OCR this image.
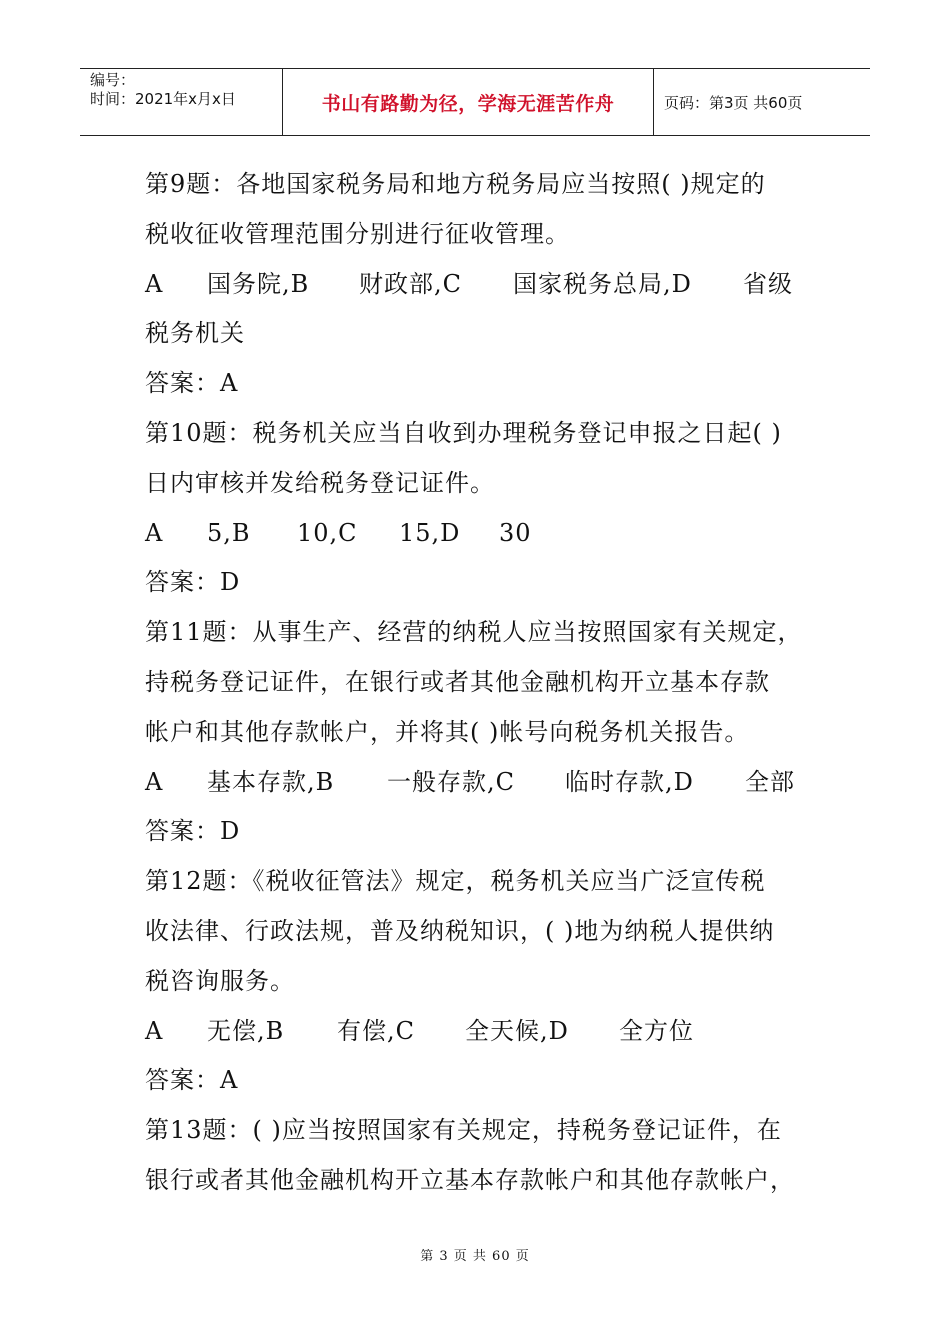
编号：
时间：2021年x月x日	书山有路勤为径，学海无涯苦作舟	页码：第3页 共60页
第9题：各地国家税务局和地方税务局应当按照( )规定的
税收征收管理范围分别进行征收管理。
A	国务院,B	财政部,C	国家税务总局,D	省级
税务机关
答案：A
第10题：税务机关应当自收到办理税务登记申报之日起( )
日内审核并发给税务登记证件。
A	5,B	10,C	15,D	30
答案：D
第11题：从事生产、经营的纳税人应当按照国家有关规定，
持税务登记证件，在银行或者其他金融机构开立基本存款
帐户和其他存款帐户，并将其( )帐号向税务机关报告。
A	基本存款,B	一般存款,C	临时存款,D	全部
答案：D
第12题：《税收征管法》规定，税务机关应当广泛宣传税
收法律、行政法规，普及纳税知识，( )地为纳税人提供纳
税咨询服务。
A	无偿,B	有偿,C	全天候,D	全方位
答案：A
第13题：( )应当按照国家有关规定，持税务登记证件，在
银行或者其他金融机构开立基本存款帐户和其他存款帐户，
第 3 页 共 60 页
